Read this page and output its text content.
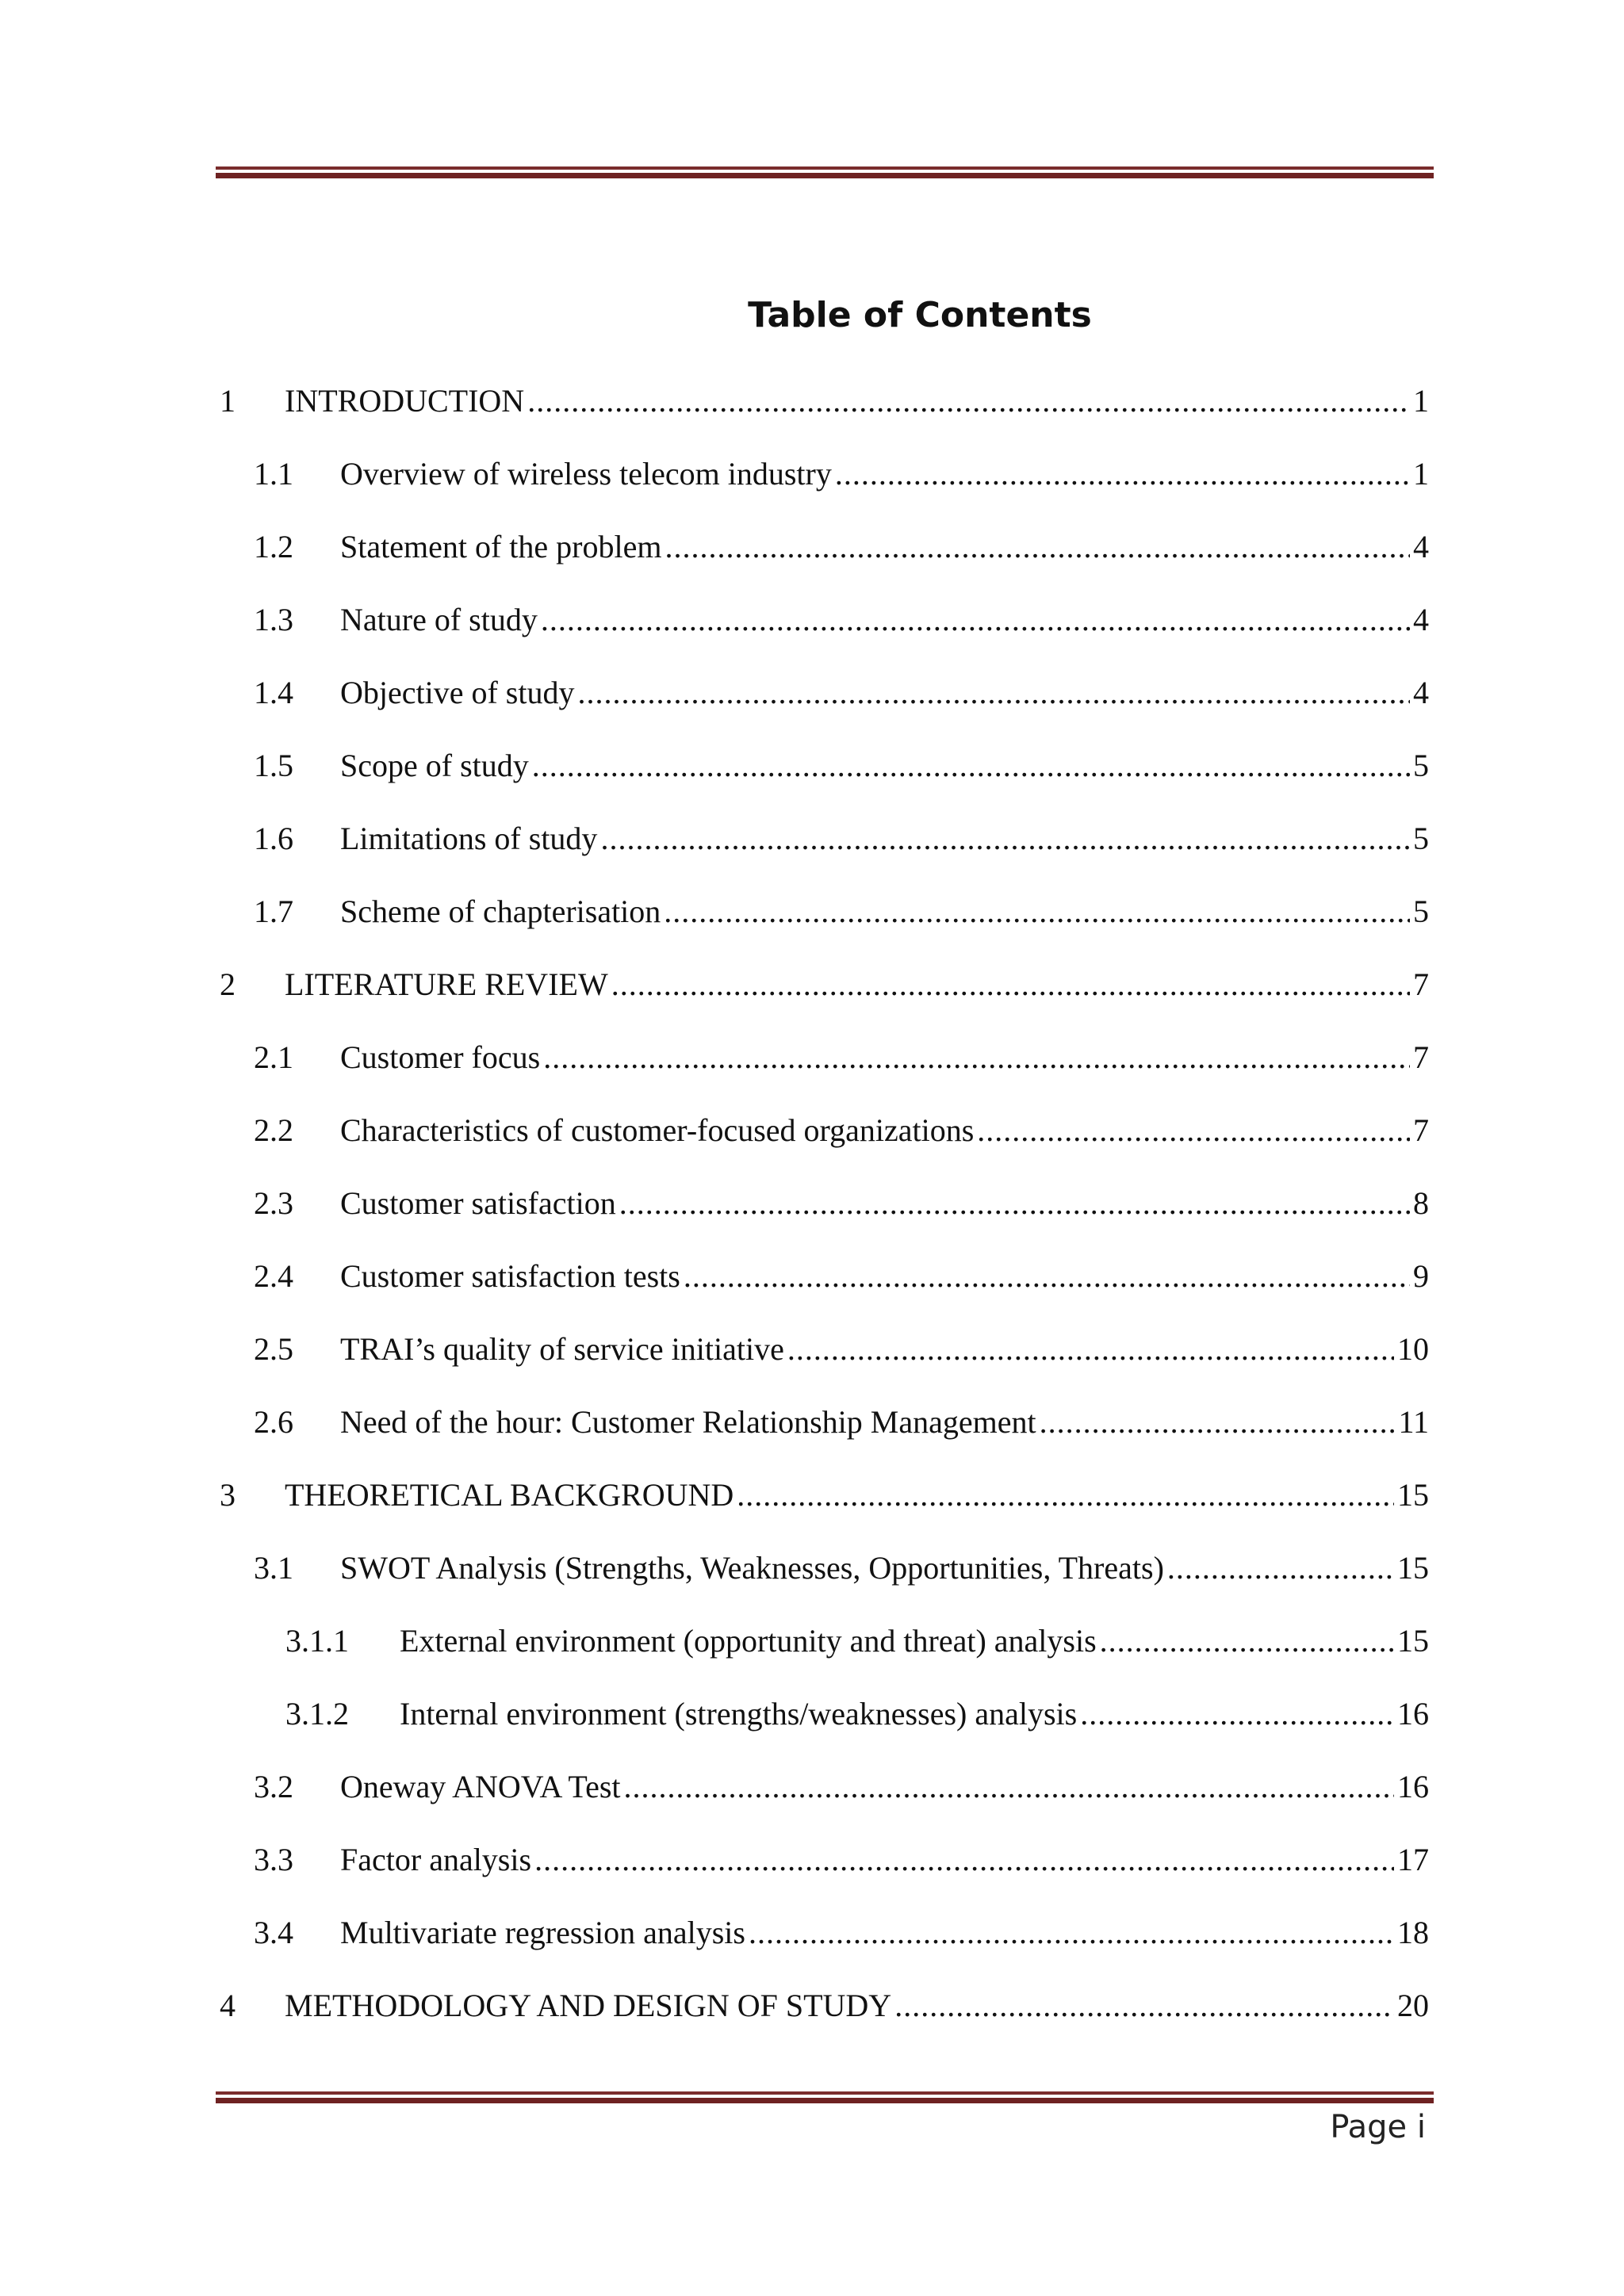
Table of Contents
1 INTRODUCTION .....	1
1.1 Overview of wireless telecom industry .....	1
1.2 Statement of the problem .....	4
1.3 Nature of study .....	4
1.4 Objective of study .....	4
1.5 Scope of study .....	5
1.6 Limitations of study .....	5
1.7 Scheme of chapterisation .....	5
2 LITERATURE REVIEW .....	7
2.1 Customer focus .....	7
2.2 Characteristics of customer-focused organizations .....	7
2.3 Customer satisfaction .....	8
2.4 Customer satisfaction tests .....	9
2.5 TRAI’s quality of service initiative .....	10
2.6 Need of the hour: Customer Relationship Management .....	11
3 THEORETICAL BACKGROUND .....	15
3.1 SWOT Analysis (Strengths, Weaknesses, Opportunities, Threats) .....	15
3.1.1 External environment (opportunity and threat) analysis .....	15
3.1.2 Internal environment (strengths/weaknesses) analysis .....	16
3.2 Oneway ANOVA Test .....	16
3.3 Factor analysis .....	17
3.4 Multivariate regression analysis .....	18
4 METHODOLOGY AND DESIGN OF STUDY .....	20
Page i
